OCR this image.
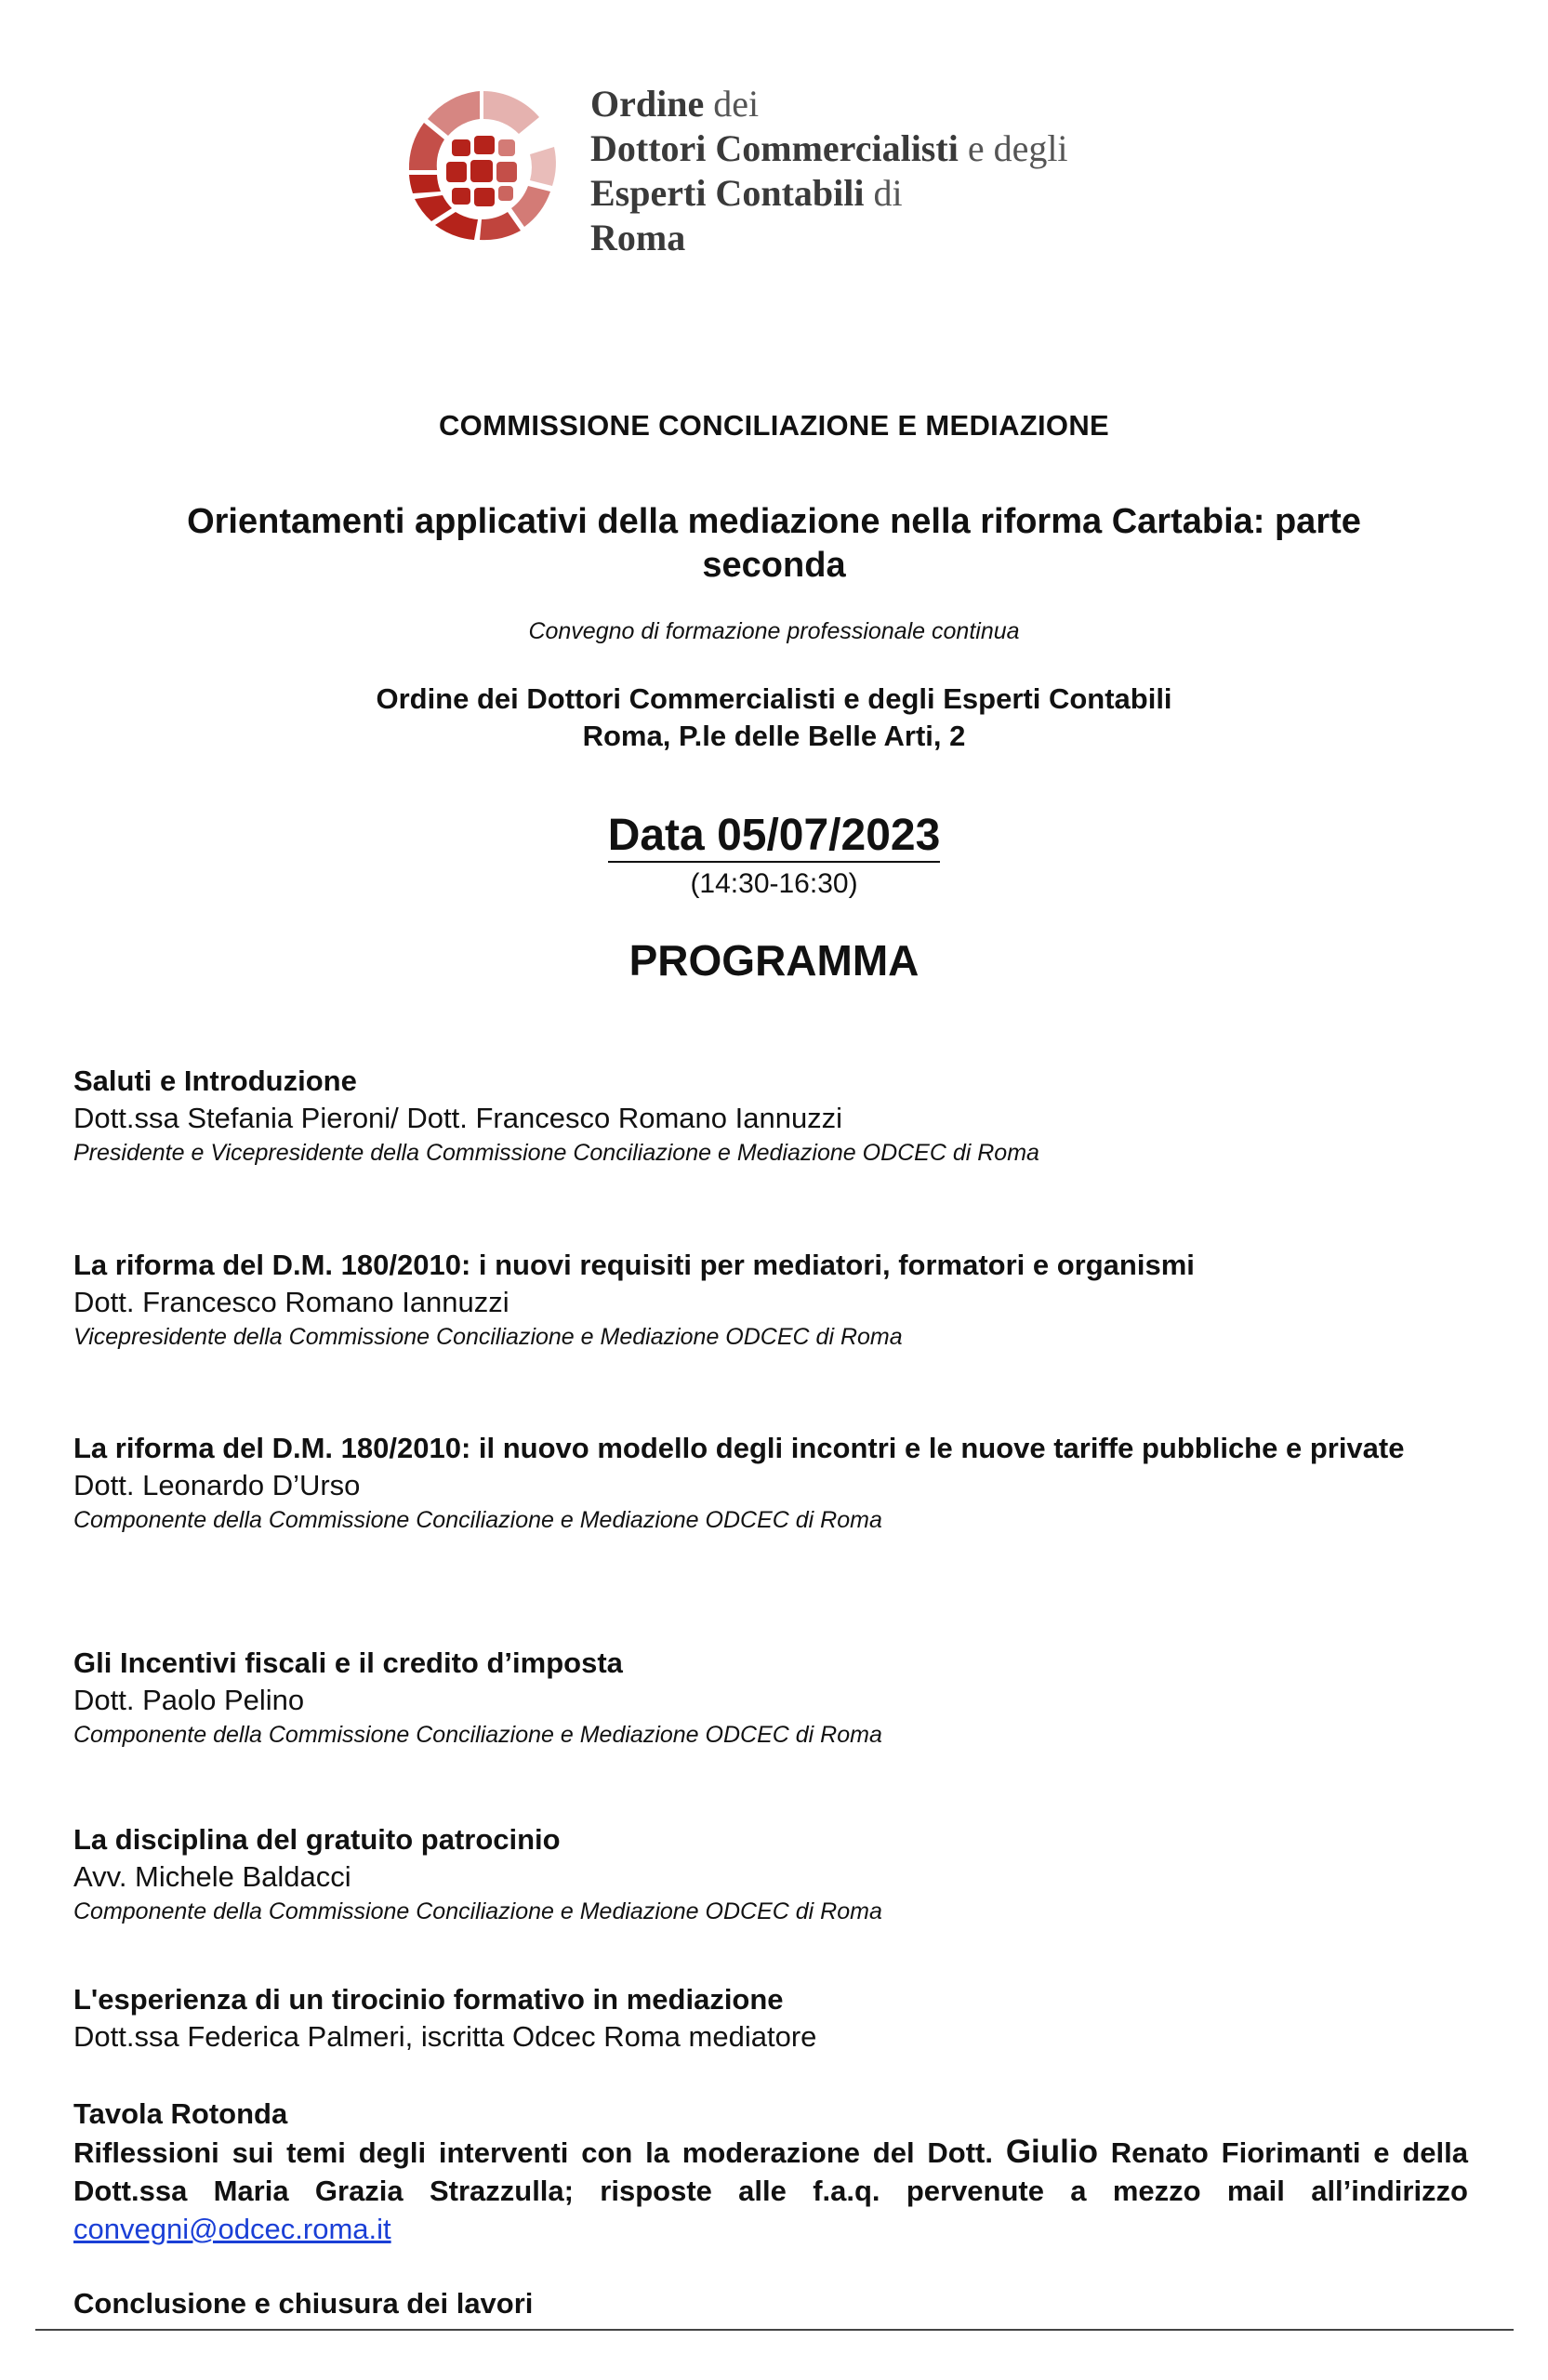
Ordine dei
Dottori Commercialisti e degli
Esperti Contabili di
Roma
COMMISSIONE CONCILIAZIONE E MEDIAZIONE
Orientamenti applicativi della mediazione nella riforma Cartabia: parte seconda
Convegno di formazione professionale continua
Ordine dei Dottori Commercialisti e degli Esperti Contabili
Roma, P.le delle Belle Arti, 2
Data 05/07/2023
(14:30-16:30)
PROGRAMMA
Saluti e Introduzione
Dott.ssa Stefania Pieroni/ Dott. Francesco Romano Iannuzzi
Presidente e Vicepresidente della Commissione Conciliazione e Mediazione ODCEC di Roma
La riforma del D.M. 180/2010: i nuovi requisiti per mediatori, formatori e organismi
Dott. Francesco Romano Iannuzzi
Vicepresidente della Commissione Conciliazione e Mediazione ODCEC di Roma
La riforma del D.M. 180/2010: il nuovo modello degli incontri e le nuove tariffe pubbliche e private
Dott. Leonardo D’Urso
Componente della Commissione Conciliazione e Mediazione ODCEC di Roma
Gli Incentivi fiscali e il credito d’imposta
Dott. Paolo Pelino
Componente della Commissione Conciliazione e Mediazione ODCEC di Roma
La disciplina del gratuito patrocinio
Avv. Michele Baldacci
Componente della Commissione Conciliazione e Mediazione ODCEC di Roma
L'esperienza di un tirocinio formativo in mediazione
Dott.ssa Federica Palmeri, iscritta Odcec Roma mediatore
Tavola Rotonda
Riflessioni sui temi degli interventi con la moderazione del Dott. Giulio Renato Fiorimanti e della Dott.ssa Maria Grazia Strazzulla; risposte alle f.a.q. pervenute a mezzo mail all’indirizzo convegni@odcec.roma.it
Conclusione e chiusura dei lavori
